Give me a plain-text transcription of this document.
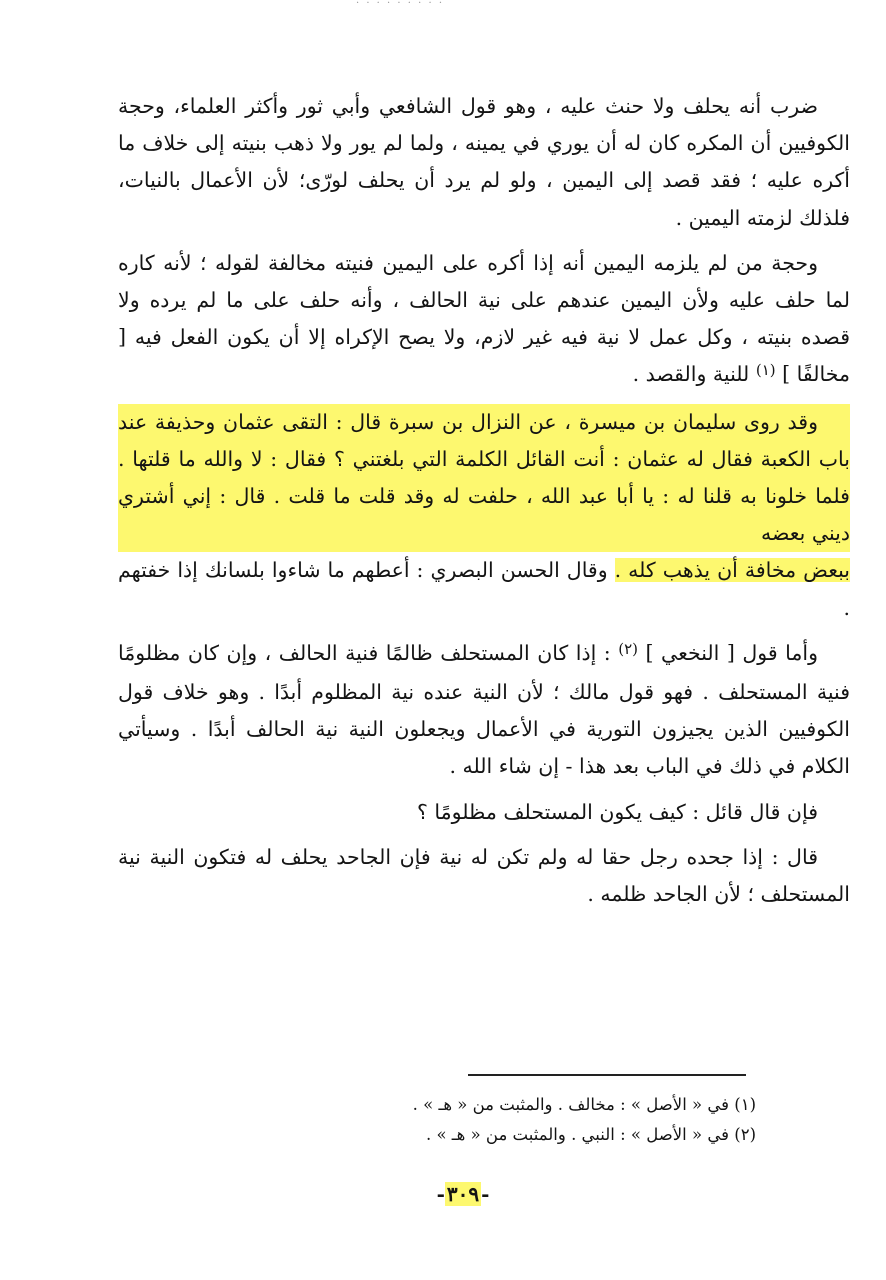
· · · · · · · · ·

ضرب أنه يحلف ولا حنث عليه ، وهو قول الشافعي وأبي ثور وأكثر العلماء، وحجة الكوفيين أن المكره كان له أن يوري في يمينه ، ولما لم يور ولا ذهب بنيته إلى خلاف ما أكره عليه ؛ فقد قصد إلى اليمين ، ولو لم يرد أن يحلف لورّى؛ لأن الأعمال بالنيات، فلذلك لزمته اليمين .

وحجة من لم يلزمه اليمين أنه إذا أكره على اليمين فنيته مخالفة لقوله ؛ لأنه كاره لما حلف عليه ولأن اليمين عندهم على نية الحالف ، وأنه حلف على ما لم يرده ولا قصده بنيته ، وكل عمل لا نية فيه غير لازم، ولا يصح الإكراه إلا أن يكون الفعل فيه [ مخالفًا ] $^{(١)}$ للنية والقصد .

وقد روى سليمان بن ميسرة ، عن النزال بن سبرة قال : التقى عثمان وحذيفة عند باب الكعبة فقال له عثمان : أنت القائل الكلمة التي بلغتني ؟ فقال : لا والله ما قلتها . فلما خلونا به قلنا له : يا أبا عبد الله ، حلفت له وقد قلت ما قلت . قال : إني أشتري ديني بعضه
ببعض مخافة أن يذهب كله . وقال الحسن البصري : أعطهم ما شاءوا بلسانك إذا خفتهم .

وأما قول [ النخعي ] $^{(٢)}$ : إذا كان المستحلف ظالمًا فنية الحالف ، وإن كان مظلومًا فنية المستحلف . فهو قول مالك ؛ لأن النية عنده نية المظلوم أبدًا . وهو خلاف قول الكوفيين الذين يجيزون التورية في الأعمال ويجعلون النية نية الحالف أبدًا . وسيأتي الكلام في ذلك في الباب بعد هذا - إن شاء الله .

فإن قال قائل : كيف يكون المستحلف مظلومًا ؟

قال : إذا جحده رجل حقا له ولم تكن له نية فإن الجاحد يحلف له فتكون النية نية المستحلف ؛ لأن الجاحد ظلمه .

(١) في « الأصل » : مخالف . والمثبت من « هـ » .

(٢) في « الأصل » : النبي . والمثبت من « هـ » .

- ٣٠٩ -
